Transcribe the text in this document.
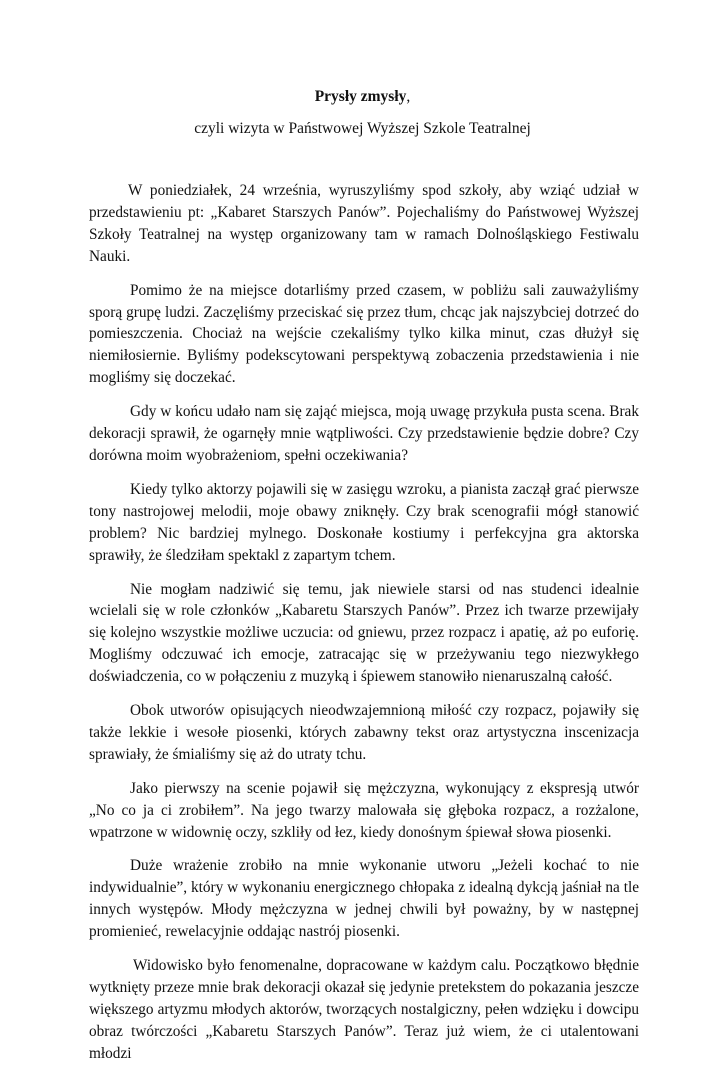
Prysły zmysły,

czyli wizyta w Państwowej Wyższej Szkole Teatralnej

W poniedziałek, 24 września, wyruszyliśmy spod szkoły, aby wziąć udział w przedstawieniu pt: „Kabaret Starszych Panów”. Pojechaliśmy do Państwowej Wyższej Szkoły Teatralnej na występ organizowany tam w ramach Dolnośląskiego Festiwalu Nauki.

Pomimo że na miejsce dotarliśmy przed czasem, w pobliżu sali zauważyliśmy sporą grupę ludzi. Zaczęliśmy przeciskać się przez tłum, chcąc jak najszybciej dotrzeć do pomieszczenia. Chociaż na wejście czekaliśmy tylko kilka minut, czas dłużył się niemiłosiernie. Byliśmy podekscytowani perspektywą zobaczenia przedstawienia i nie mogliśmy się doczekać.

Gdy w końcu udało nam się zająć miejsca, moją uwagę przykuła pusta scena. Brak dekoracji sprawił, że ogarnęły mnie wątpliwości. Czy przedstawienie będzie dobre? Czy dorówna moim wyobrażeniom, spełni oczekiwania?

Kiedy tylko aktorzy pojawili się w zasięgu wzroku, a pianista zaczął grać pierwsze tony nastrojowej melodii, moje obawy zniknęły. Czy brak scenografii mógł stanowić problem? Nic bardziej mylnego. Doskonałe kostiumy i perfekcyjna gra aktorska sprawiły, że śledziłam spektakl z zapartym tchem.

Nie mogłam nadziwić się temu, jak niewiele starsi od nas studenci idealnie wcielali się w role członków „Kabaretu Starszych Panów”. Przez ich twarze przewijały się kolejno wszystkie możliwe uczucia: od gniewu, przez rozpacz i apatię, aż po euforię. Mogliśmy odczuwać ich emocje, zatracając się w przeżywaniu tego niezwykłego doświadczenia, co w połączeniu z muzyką i śpiewem stanowiło nienaruszalną całość.

Obok utworów opisujących nieodwzajemnioną miłość czy rozpacz, pojawiły się także lekkie i wesołe piosenki, których zabawny tekst oraz artystyczna inscenizacja sprawiały, że śmialiśmy się aż do utraty tchu.

Jako pierwszy na scenie pojawił się mężczyzna, wykonujący z ekspresją utwór „No co ja ci zrobiłem”. Na jego twarzy malowała się głęboka rozpacz, a rozżalone, wpatrzone w widownię oczy, szkliły od łez, kiedy donośnym śpiewał słowa piosenki.

Duże wrażenie zrobiło na mnie wykonanie utworu „Jeżeli kochać to nie indywidualnie”, który w wykonaniu energicznego chłopaka z idealną dykcją jaśniał na tle innych występów. Młody mężczyzna w jednej chwili był poważny, by w następnej promienieć, rewelacyjnie oddając nastrój piosenki.

Widowisko było fenomenalne, dopracowane w każdym calu. Początkowo błędnie wytknięty przeze mnie brak dekoracji okazał się jedynie pretekstem do pokazania jeszcze większego artyzmu młodych aktorów, tworzących nostalgiczny, pełen wdzięku i dowcipu obraz twórczości „Kabaretu Starszych Panów”. Teraz już wiem, że ci utalentowani młodzi
